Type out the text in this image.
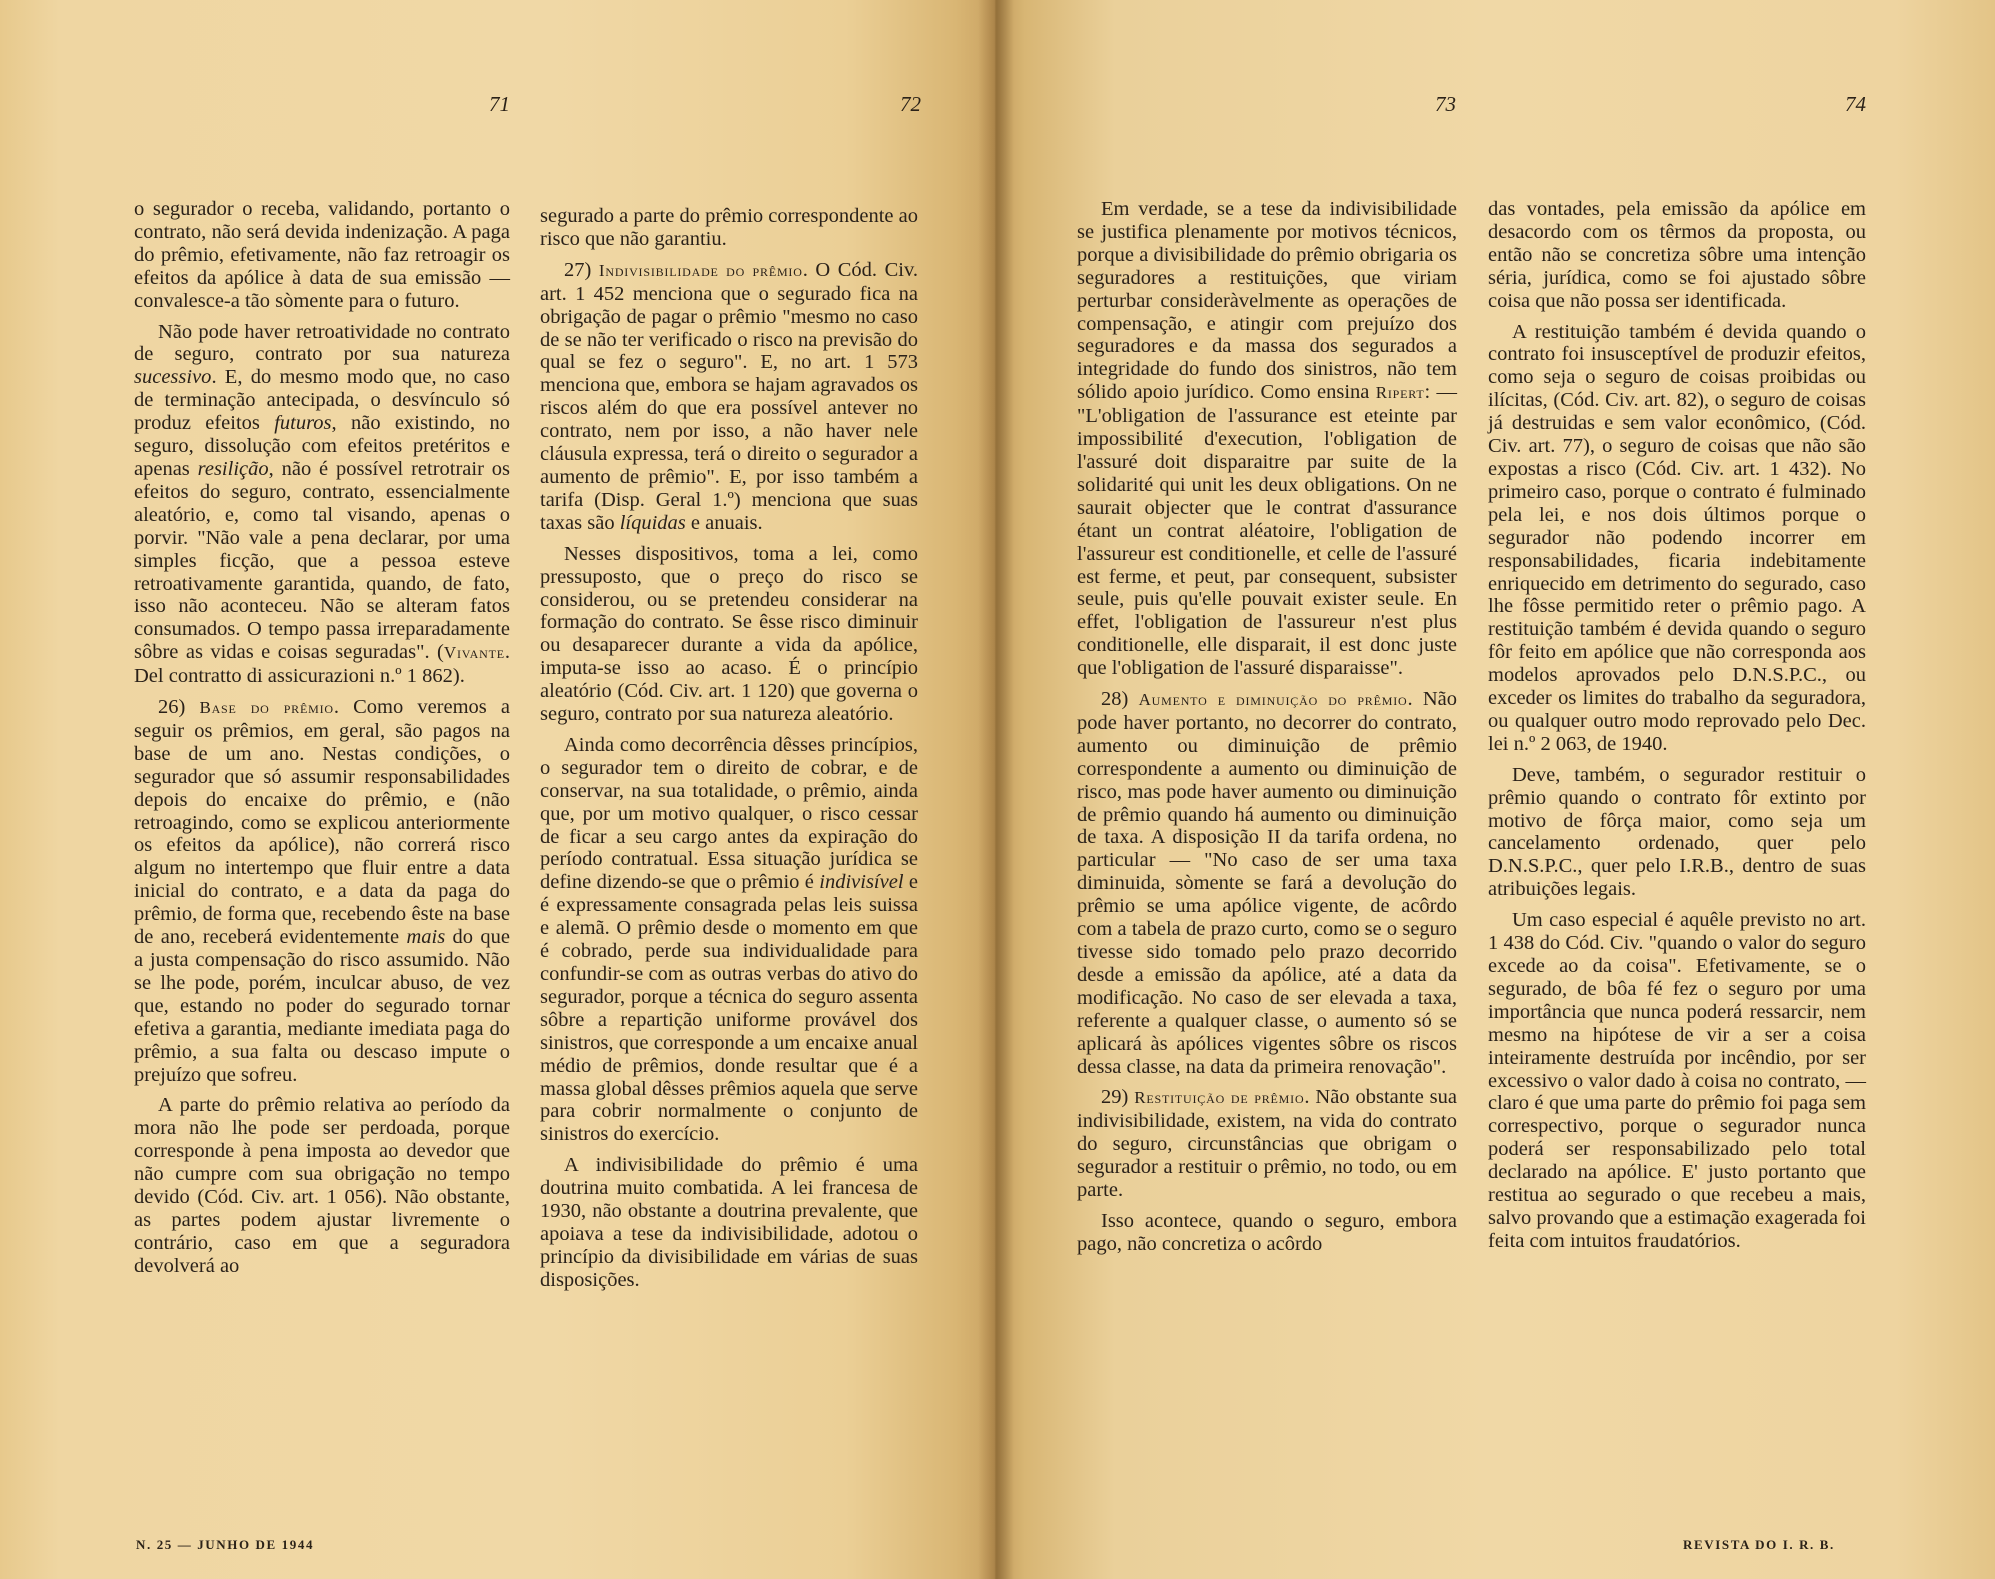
71	72

o segurador o receba, validando, portanto o contrato, não será devida indenização. A paga do prêmio, efetivamente, não faz retroagir os efeitos da apólice à data de sua emissão — convalesce-a tão sòmente para o futuro.

Não pode haver retroatividade no contrato de seguro, contrato por sua natureza sucessivo. E, do mesmo modo que, no caso de terminação antecipada, o desvínculo só produz efeitos futuros, não existindo, no seguro, dissolução com efeitos pretéritos e apenas resilição, não é possível retrotrair os efeitos do seguro, contrato, essencialmente aleatório, e, como tal visando, apenas o porvir. "Não vale a pena declarar, por uma simples ficção, que a pessoa esteve retroativamente garantida, quando, de fato, isso não aconteceu. Não se alteram fatos consumados. O tempo passa irreparadamente sôbre as vidas e coisas seguradas". (Vivante. Del contratto di assicurazioni n.º 1 862).

26) Base do prêmio. Como veremos a seguir os prêmios, em geral, são pagos na base de um ano. Nestas condições, o segurador que só assumir responsabilidades depois do encaixe do prêmio, e (não retroagindo, como se explicou anteriormente os efeitos da apólice), não correrá risco algum no intertempo que fluir entre a data inicial do contrato, e a data da paga do prêmio, de forma que, recebendo êste na base de ano, receberá evidentemente mais do que a justa compensação do risco assumido. Não se lhe pode, porém, inculcar abuso, de vez que, estando no poder do segurado tornar efetiva a garantia, mediante imediata paga do prêmio, a sua falta ou descaso impute o prejuízo que sofreu.

A parte do prêmio relativa ao período da mora não lhe pode ser perdoada, porque corresponde à pena imposta ao devedor que não cumpre com sua obrigação no tempo devido (Cód. Civ. art. 1 056). Não obstante, as partes podem ajustar livremente o contrário, caso em que a seguradora devolverá ao

segurado a parte do prêmio correspondente ao risco que não garantiu.

27) Indivisibilidade do prêmio. O Cód. Civ. art. 1 452 menciona que o segurado fica na obrigação de pagar o prêmio "mesmo no caso de se não ter verificado o risco na previsão do qual se fez o seguro". E, no art. 1 573 menciona que, embora se hajam agravados os riscos além do que era possível antever no contrato, nem por isso, a não haver nele cláusula expressa, terá o direito o segurador a aumento de prêmio". E, por isso também a tarifa (Disp. Geral 1.º) menciona que suas taxas são líquidas e anuais.

Nesses dispositivos, toma a lei, como pressuposto, que o preço do risco se considerou, ou se pretendeu considerar na formação do contrato. Se êsse risco diminuir ou desaparecer durante a vida da apólice, imputa-se isso ao acaso. É o princípio aleatório (Cód. Civ. art. 1 120) que governa o seguro, contrato por sua natureza aleatório.

Ainda como decorrência dêsses princípios, o segurador tem o direito de cobrar, e de conservar, na sua totalidade, o prêmio, ainda que, por um motivo qualquer, o risco cessar de ficar a seu cargo antes da expiração do período contratual. Essa situação jurídica se define dizendo-se que o prêmio é indivisível e é expressamente consagrada pelas leis suissa e alemã. O prêmio desde o momento em que é cobrado, perde sua individualidade para confundir-se com as outras verbas do ativo do segurador, porque a técnica do seguro assenta sôbre a repartição uniforme provável dos sinistros, que corresponde a um encaixe anual médio de prêmios, donde resultar que é a massa global dêsses prêmios aquela que serve para cobrir normalmente o conjunto de sinistros do exercício.

A indivisibilidade do prêmio é uma doutrina muito combatida. A lei francesa de 1930, não obstante a doutrina prevalente, que apoiava a tese da indivisibilidade, adotou o princípio da divisibilidade em várias de suas disposições.

N. 25 — JUNHO DE 1944
73	74

Em verdade, se a tese da indivisibilidade se justifica plenamente por motivos técnicos, porque a divisibilidade do prêmio obrigaria os seguradores a restituições, que viriam perturbar consideràvelmente as operações de compensação, e atingir com prejuízo dos seguradores e da massa dos segurados a integridade do fundo dos sinistros, não tem sólido apoio jurídico. Como ensina Ripert: — "L'obligation de l'assurance est eteinte par impossibilité d'execution, l'obligation de l'assuré doit disparaitre par suite de la solidarité qui unit les deux obligations. On ne saurait objecter que le contrat d'assurance étant un contrat aléatoire, l'obligation de l'assureur est conditionelle, et celle de l'assuré est ferme, et peut, par consequent, subsister seule, puis qu'elle pouvait exister seule. En effet, l'obligation de l'assureur n'est plus conditionelle, elle disparait, il est donc juste que l'obligation de l'assuré disparaisse".

28) Aumento e diminuição do prêmio. Não pode haver portanto, no decorrer do contrato, aumento ou diminuição de prêmio correspondente a aumento ou diminuição de risco, mas pode haver aumento ou diminuição de prêmio quando há aumento ou diminuição de taxa. A disposição II da tarifa ordena, no particular — "No caso de ser uma taxa diminuida, sòmente se fará a devolução do prêmio se uma apólice vigente, de acôrdo com a tabela de prazo curto, como se o seguro tivesse sido tomado pelo prazo decorrido desde a emissão da apólice, até a data da modificação. No caso de ser elevada a taxa, referente a qualquer classe, o aumento só se aplicará às apólices vigentes sôbre os riscos dessa classe, na data da primeira renovação".

29) Restituição de prêmio. Não obstante sua indivisibilidade, existem, na vida do contrato do seguro, circunstâncias que obrigam o segurador a restituir o prêmio, no todo, ou em parte.

Isso acontece, quando o seguro, embora pago, não concretiza o acôrdo

das vontades, pela emissão da apólice em desacordo com os têrmos da proposta, ou então não se concretiza sôbre uma intenção séria, jurídica, como se foi ajustado sôbre coisa que não possa ser identificada.

A restituição também é devida quando o contrato foi insusceptível de produzir efeitos, como seja o seguro de coisas proibidas ou ilícitas, (Cód. Civ. art. 82), o seguro de coisas já destruidas e sem valor econômico, (Cód. Civ. art. 77), o seguro de coisas que não são expostas a risco (Cód. Civ. art. 1 432). No primeiro caso, porque o contrato é fulminado pela lei, e nos dois últimos porque o segurador não podendo incorrer em responsabilidades, ficaria indebitamente enriquecido em detrimento do segurado, caso lhe fôsse permitido reter o prêmio pago. A restituição também é devida quando o seguro fôr feito em apólice que não corresponda aos modelos aprovados pelo D.N.S.P.C., ou exceder os limites do trabalho da seguradora, ou qualquer outro modo reprovado pelo Dec. lei n.º 2 063, de 1940.

Deve, também, o segurador restituir o prêmio quando o contrato fôr extinto por motivo de fôrça maior, como seja um cancelamento ordenado, quer pelo D.N.S.P.C., quer pelo I.R.B., dentro de suas atribuições legais.

Um caso especial é aquêle previsto no art. 1 438 do Cód. Civ. "quando o valor do seguro excede ao da coisa". Efetivamente, se o segurado, de bôa fé fez o seguro por uma importância que nunca poderá ressarcir, nem mesmo na hipótese de vir a ser a coisa inteiramente destruída por incêndio, por ser excessivo o valor dado à coisa no contrato, — claro é que uma parte do prêmio foi paga sem correspectivo, porque o segurador nunca poderá ser responsabilizado pelo total declarado na apólice. E' justo portanto que restitua ao segurado o que recebeu a mais, salvo provando que a estimação exagerada foi feita com intuitos fraudatórios.

REVISTA DO I. R. B.
